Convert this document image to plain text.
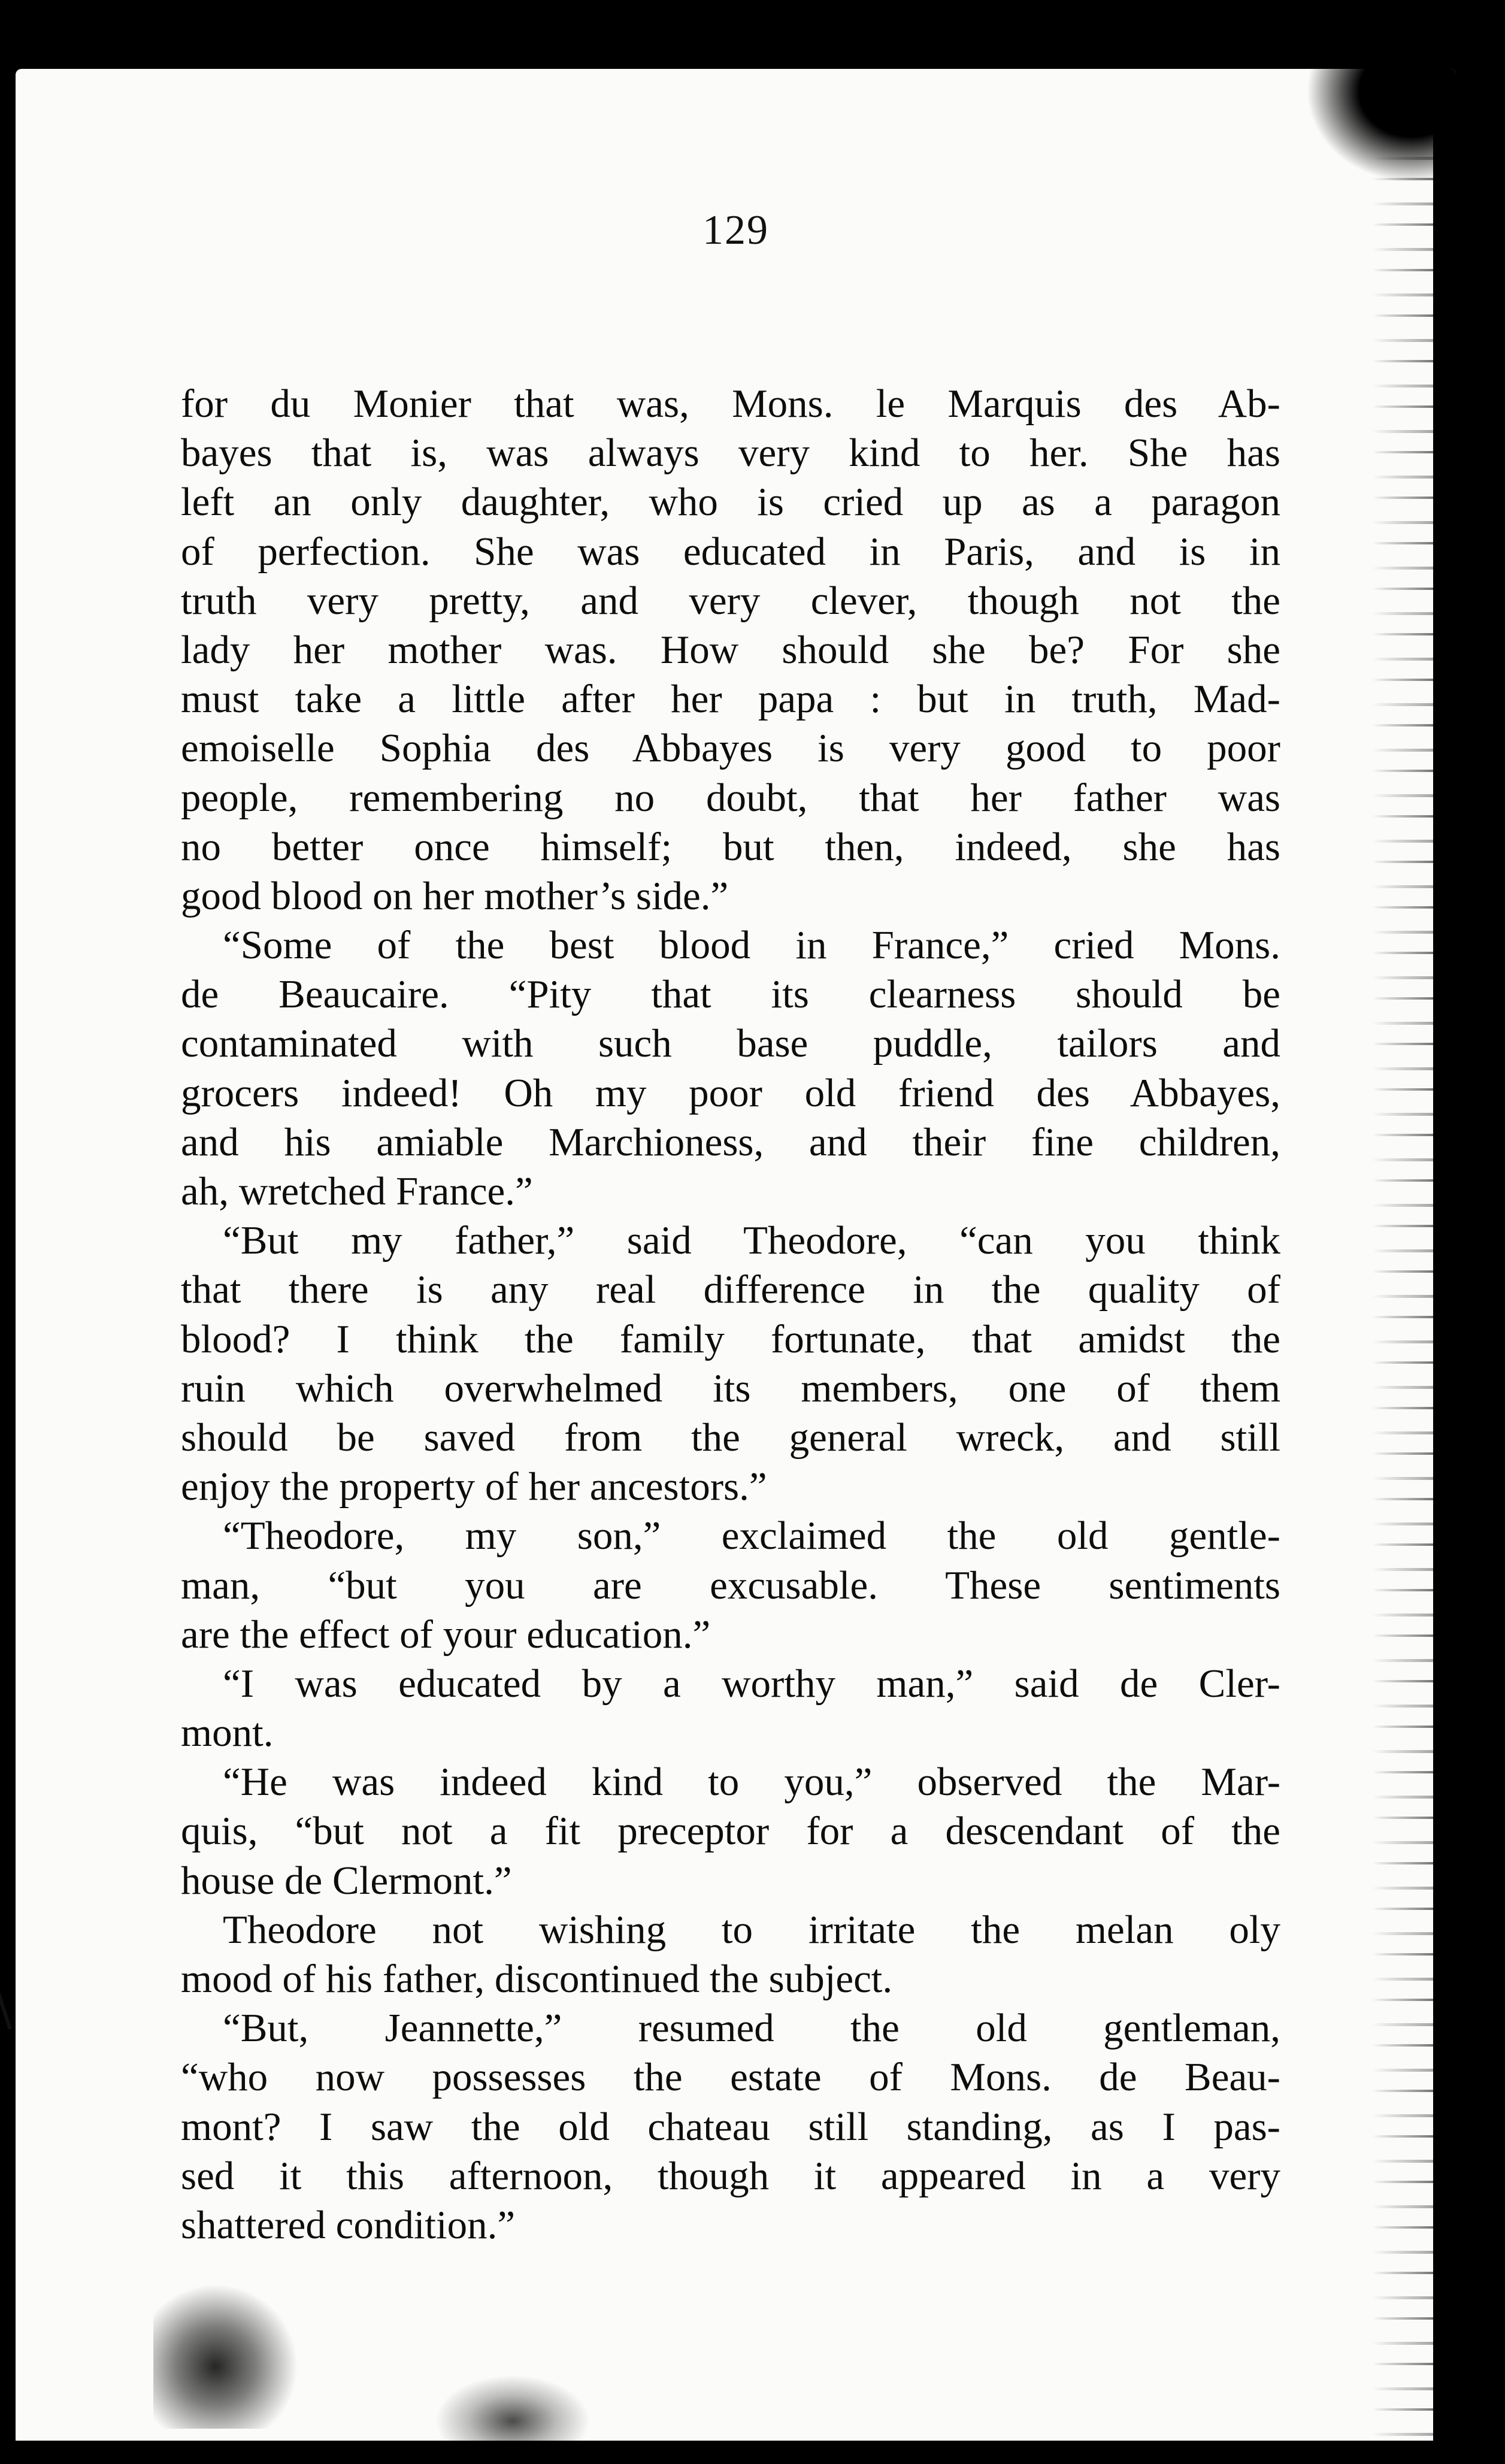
129
for du Monier that was, Mons. le Marquis des Ab-
bayes that is, was always very kind to her. She has
left an only daughter, who is cried up as a paragon
of perfection. She was educated in Paris, and is in
truth very pretty, and very clever, though not the
lady her mother was. How should she be? For she
must take a little after her papa : but in truth, Mad-
emoiselle Sophia des Abbayes is very good to poor
people, remembering no doubt, that her father was
no better once himself; but then, indeed, she has
good blood on her mother’s side.”
“Some of the best blood in France,” cried Mons.
de Beaucaire. “Pity that its clearness should be
contaminated with such base puddle, tailors and
grocers indeed! Oh my poor old friend des Abbayes,
and his amiable Marchioness, and their fine children,
ah, wretched France.”
“But my father,” said Theodore, “can you think
that there is any real difference in the quality of
blood? I think the family fortunate, that amidst the
ruin which overwhelmed its members, one of them
should be saved from the general wreck, and still
enjoy the property of her ancestors.”
“Theodore, my son,” exclaimed the old gentle-
man, “but you are excusable. These sentiments
are the effect of your education.”
“I was educated by a worthy man,” said de Cler-
mont.
“He was indeed kind to you,” observed the Mar-
quis, “but not a fit preceptor for a descendant of the
house de Clermont.”
Theodore not wishing to irritate the melan oly
mood of his father, discontinued the subject.
“But, Jeannette,” resumed the old gentleman,
“who now possesses the estate of Mons. de Beau-
mont? I saw the old chateau still standing, as I pas-
sed it this afternoon, though it appeared in a very
shattered condition.”
